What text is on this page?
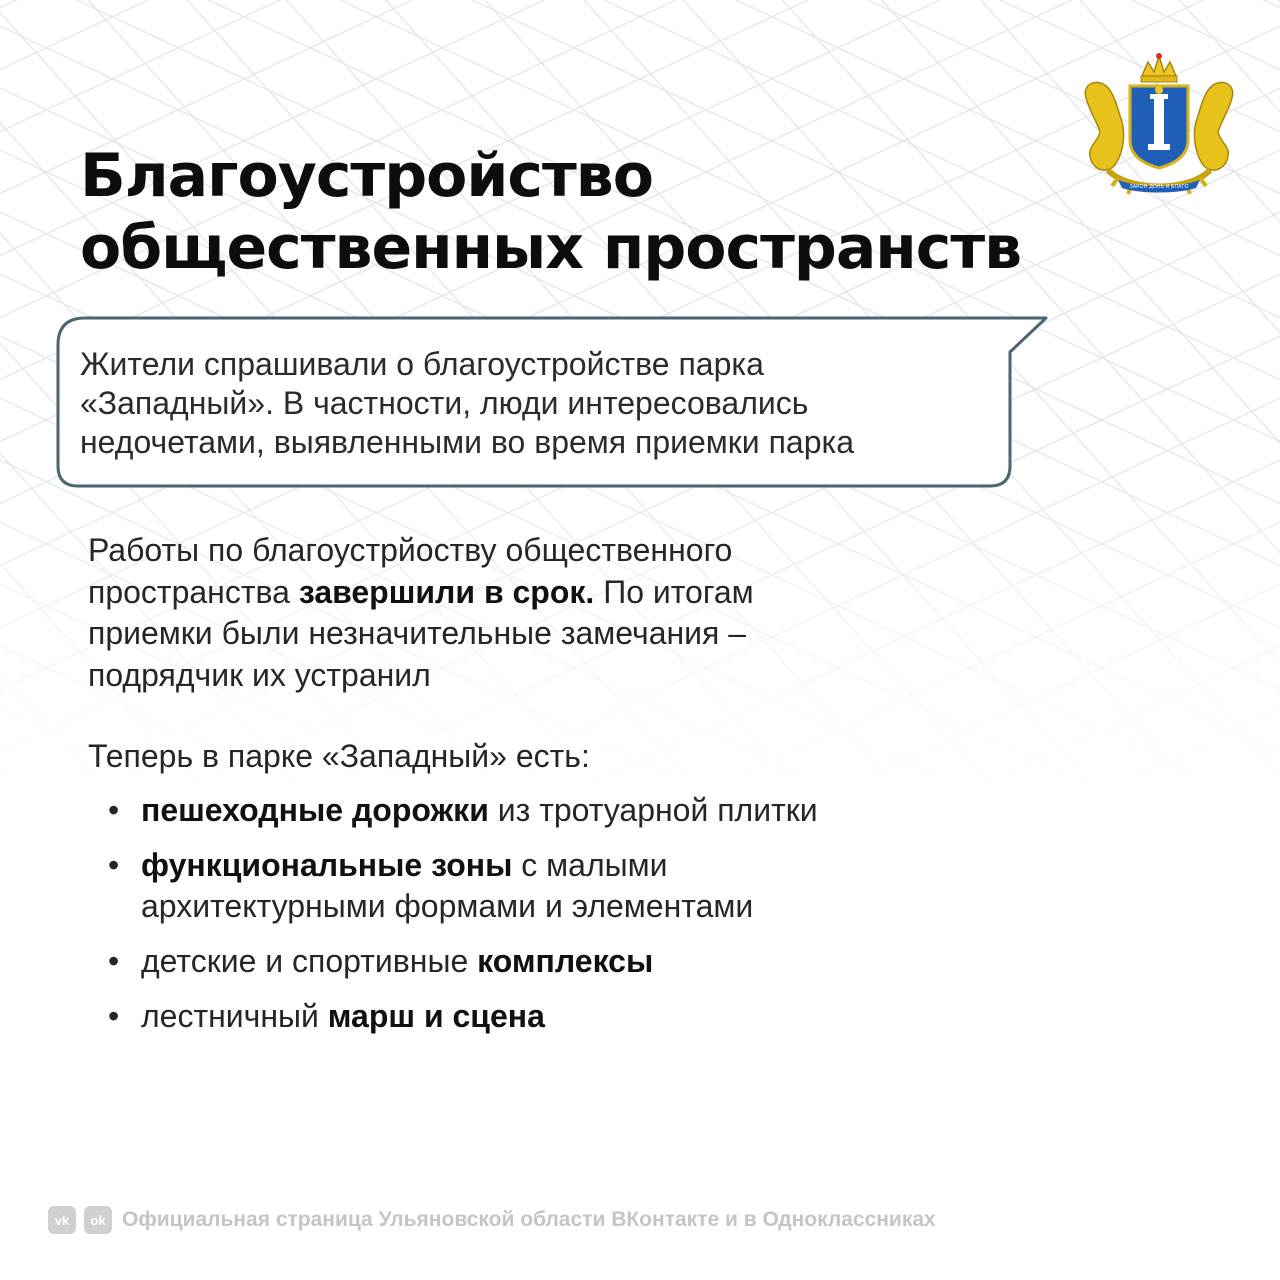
ЗАКОН ДОНЬ И БЛАГО
Благоустройство
общественных пространств
Жители спрашивали о благоустройстве парка
«Западный». В частности, люди интересовались
недочетами, выявленными во время приемки парка
Работы по благоустрйоству общественного
пространства завершили в срок. По итогам
приемки были незначительные замечания –
подрядчик их устранил
Теперь в парке «Западный» есть:
• пешеходные дорожки из тротуарной плитки
• функциональные зоны с малыми
архитектурными формами и элементами
• детские и спортивные комплексы
• лестничный марш и сцена
vk	ok Официальная страница Ульяновской области ВКонтакте и в Одноклассниках
